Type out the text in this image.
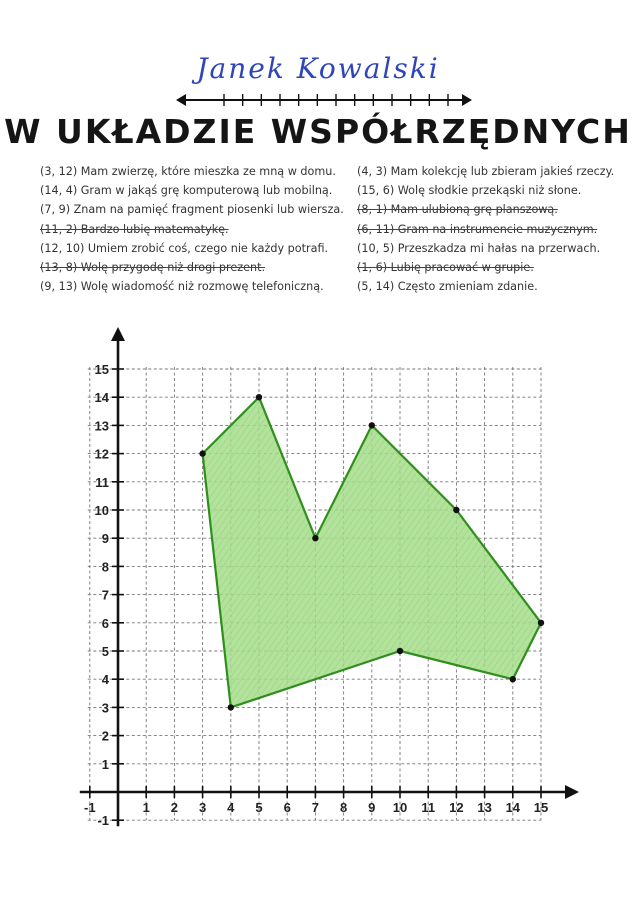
Janek Kowalski
W UKŁADZIE WSPÓŁRZĘDNYCH
(3, 12) Mam zwierzę, które mieszka ze mną w domu.
(14, 4) Gram w jakąś grę komputerową lub mobilną.
(7, 9) Znam na pamięć fragment piosenki lub wiersza.
(11, 2) Bardzo lubię matematykę.
(12, 10) Umiem zrobić coś, czego nie każdy potrafi.
(13, 8) Wolę przygodę niż drogi prezent.
(9, 13) Wolę wiadomość niż rozmowę telefoniczną.
(4, 3) Mam kolekcję lub zbieram jakieś rzeczy.
(15, 6) Wolę słodkie przekąski niż słone.
(8, 1) Mam ulubioną grę planszową.
(6, 11) Gram na instrumencie muzycznym.
(10, 5) Przeszkadza mi hałas na przerwach.
(1, 6) Lubię pracować w grupie.
(5, 14) Często zmieniam zdanie.
-1	1 2 3 4 5 6 7 8 9 10 11 12 13 14 15
-1
1
2
3
4
5
6
7
8
9
10
11
12
13
14
15
